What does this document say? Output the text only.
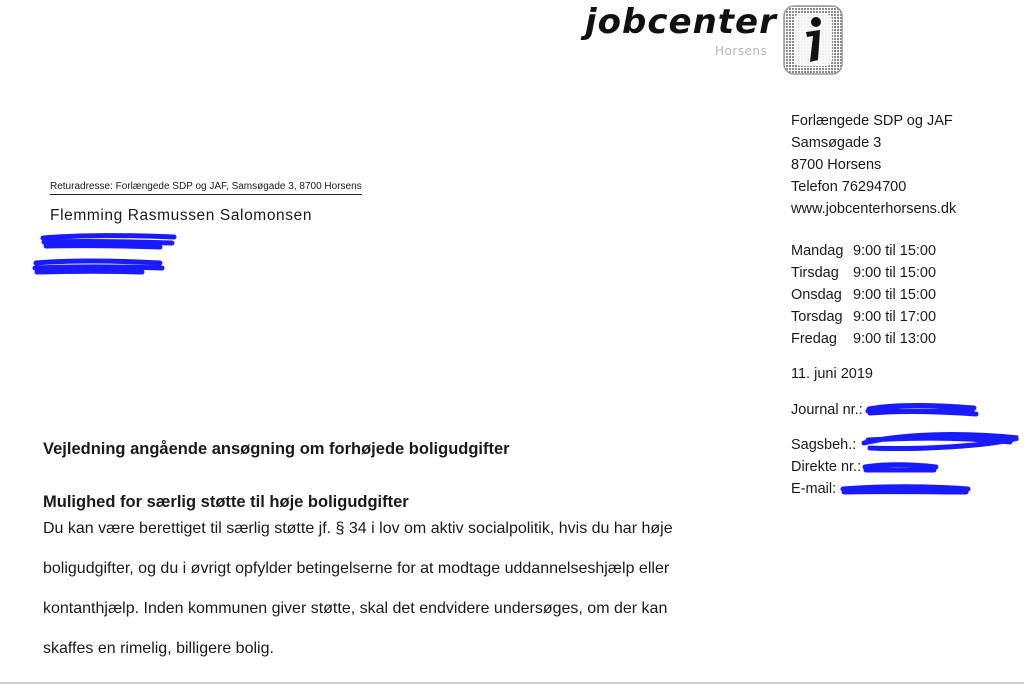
jobcenter
Horsens
Forlængede SDP og JAF
Samsøgade 3
8700 Horsens
Telefon 76294700
www.jobcenterhorsens.dk
Mandag 9:00 til 15:00
Tirsdag 9:00 til 15:00
Onsdag 9:00 til 15:00
Torsdag 9:00 til 17:00
Fredag 9:00 til 13:00
11. juni 2019
Journal nr.:
Sagsbeh.:
Direkte nr.:
E-mail:
Returadresse: Forlængede SDP og JAF, Samsøgade 3, 8700 Horsens
Flemming Rasmussen Salomonsen
Vejledning angående ansøgning om forhøjede boligudgifter
Mulighed for særlig støtte til høje boligudgifter
Du kan være berettiget til særlig støtte jf. § 34 i lov om aktiv socialpolitik, hvis du har høje
boligudgifter, og du i øvrigt opfylder betingelserne for at modtage uddannelseshjælp eller
kontanthjælp. Inden kommunen giver støtte, skal det endvidere undersøges, om der kan
skaffes en rimelig, billigere bolig.
